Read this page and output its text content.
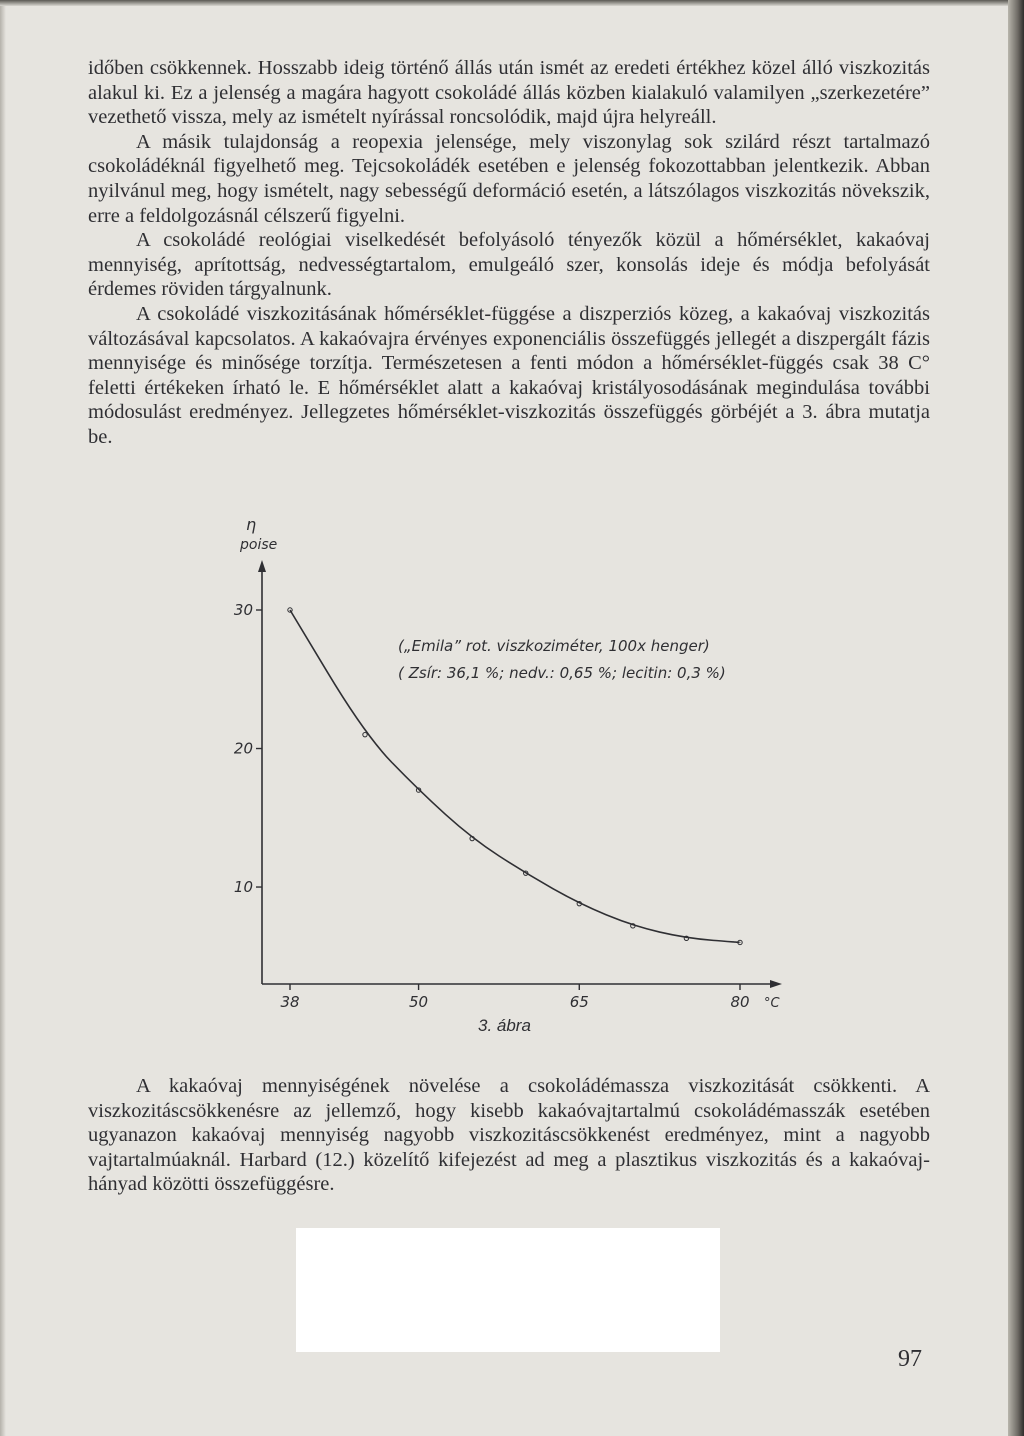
időben csökkennek. Hosszabb ideig történő állás után ismét az eredeti értékhez közel álló viszkozitás alakul ki. Ez a jelenség a magára hagyott csokoládé állás közben kialakuló valamilyen „szerkezetére” vezethető vissza, mely az ismételt nyírással roncsolódik, majd újra helyreáll.

A másik tulajdonság a reopexia jelensége, mely viszonylag sok szilárd részt tartalmazó csokoládéknál figyelhető meg. Tejcsokoládék esetében e jelenség fokozottabban jelentkezik. Abban nyilvánul meg, hogy ismételt, nagy sebességű deformáció esetén, a látszólagos viszkozitás növekszik, erre a feldolgozásnál célszerű figyelni.

A csokoládé reológiai viselkedését befolyásoló tényezők közül a hőmérséklet, kakaóvaj mennyiség, aprítottság, nedvességtartalom, emulgeáló szer, konsolás ideje és módja befolyását érdemes röviden tárgyalnunk.

A csokoládé viszkozitásának hőmérséklet-függése a diszperziós közeg, a kakaóvaj viszkozitás változásával kapcsolatos. A kakaóvajra érvényes exponenciális összefüggés jellegét a diszpergált fázis mennyisége és minősége torzítja. Természetesen a fenti módon a hőmérséklet-függés csak 38 C° feletti értékeken írható le. E hőmérséklet alatt a kakaóvaj kristályosodásának megindulása további módosulást eredményez. Jellegzetes hőmérséklet-viszkozitás összefüggés görbéjét a 3. ábra mutatja be.

η
poise
30
20
10
38	50	65	80 °C
(„Emila” rot. viszkoziméter, 100x henger)
( Zsír: 36,1 %; nedv.: 0,65 %; lecitin: 0,3 %)
3. ábra

A kakaóvaj mennyiségének növelése a csokoládémassza viszkozitását csökkenti. A viszkozitáscsökkenésre az jellemző, hogy kisebb kakaóvajtartalmú csokoládémasszák esetében ugyanazon kakaóvaj mennyiség nagyobb viszkozitáscsökkenést eredményez, mint a nagyobb vajtartalmúaknál. Harbard (12.) közelítő kifejezést ad meg a plasztikus viszkozitás és a kakaóvaj-hányad közötti összefüggésre.

97
